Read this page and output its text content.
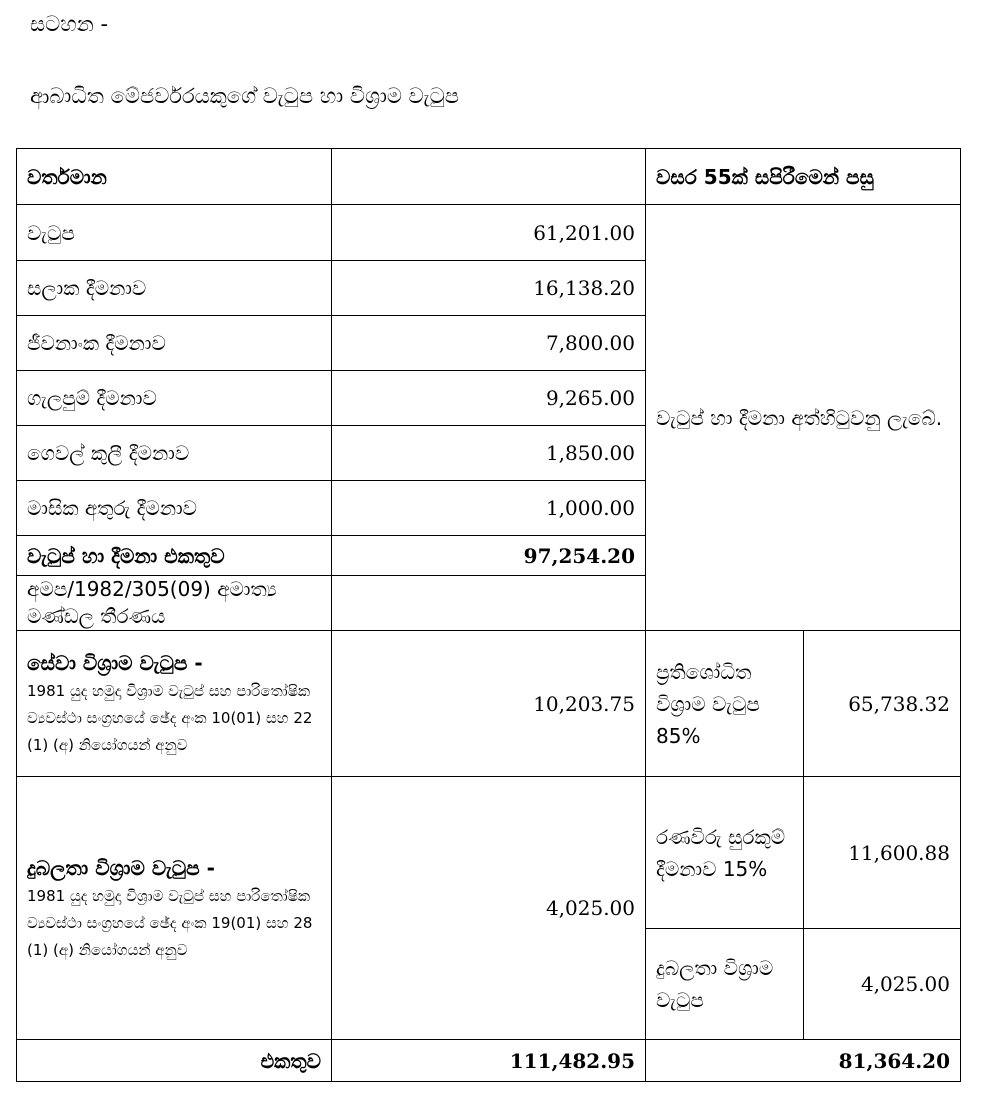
සටහන -
ආබාධිත මේජර්වරයකුගේ වැටුප හා විශ්‍රාම වැටුප
වර්තමාන		වසර 55ක් සපිරීමෙන් පසු	
වැටුප	61,201.00	වැටුප් හා දීමනා අත්හිටුවනු ලැබේ.	
සලාක දීමනාව	16,138.20		
ජීවනාංක දීමනාව	7,800.00		
ගැලපුම් දීමනාව	9,265.00		
ගෙවල් කුලී දීමනාව	1,850.00		
මාසික අතුරු දීමනාව	1,000.00		
වැටුප් හා දීමනා එකතුව	97,254.20		
අමප/1982/305(09) අමාත්‍ය මණ්ඩල තීරණය			

සේවා විශ්‍රාම වැටුප -
1981 යුද හමුදා විශ්‍රාම වැටුප් සහ පාරිතෝෂික ව්‍යවස්ථා සංග්‍රහයේ ඡේද අංක 10(01) සහ 22 (1) (අ) නියෝගයන් අනුව	10,203.75	ප්‍රතිශෝධිත විශ්‍රාම වැටුප 85%	65,738.32

දුබලතා විශ්‍රාම වැටුප -
1981 යුද හමුදා විශ්‍රාම වැටුප් සහ පාරිතෝෂික ව්‍යවස්ථා සංග්‍රහයේ ඡේද අංක 19(01) සහ 28 (1) (අ) නියෝගයන් අනුව	4,025.00	රණවිරු සුරකුම් දීමනාව 15%	11,600.88
		දුබලතා විශ්‍රාම වැටුප	4,025.00
එකතුව	111,482.95	81,364.20	
